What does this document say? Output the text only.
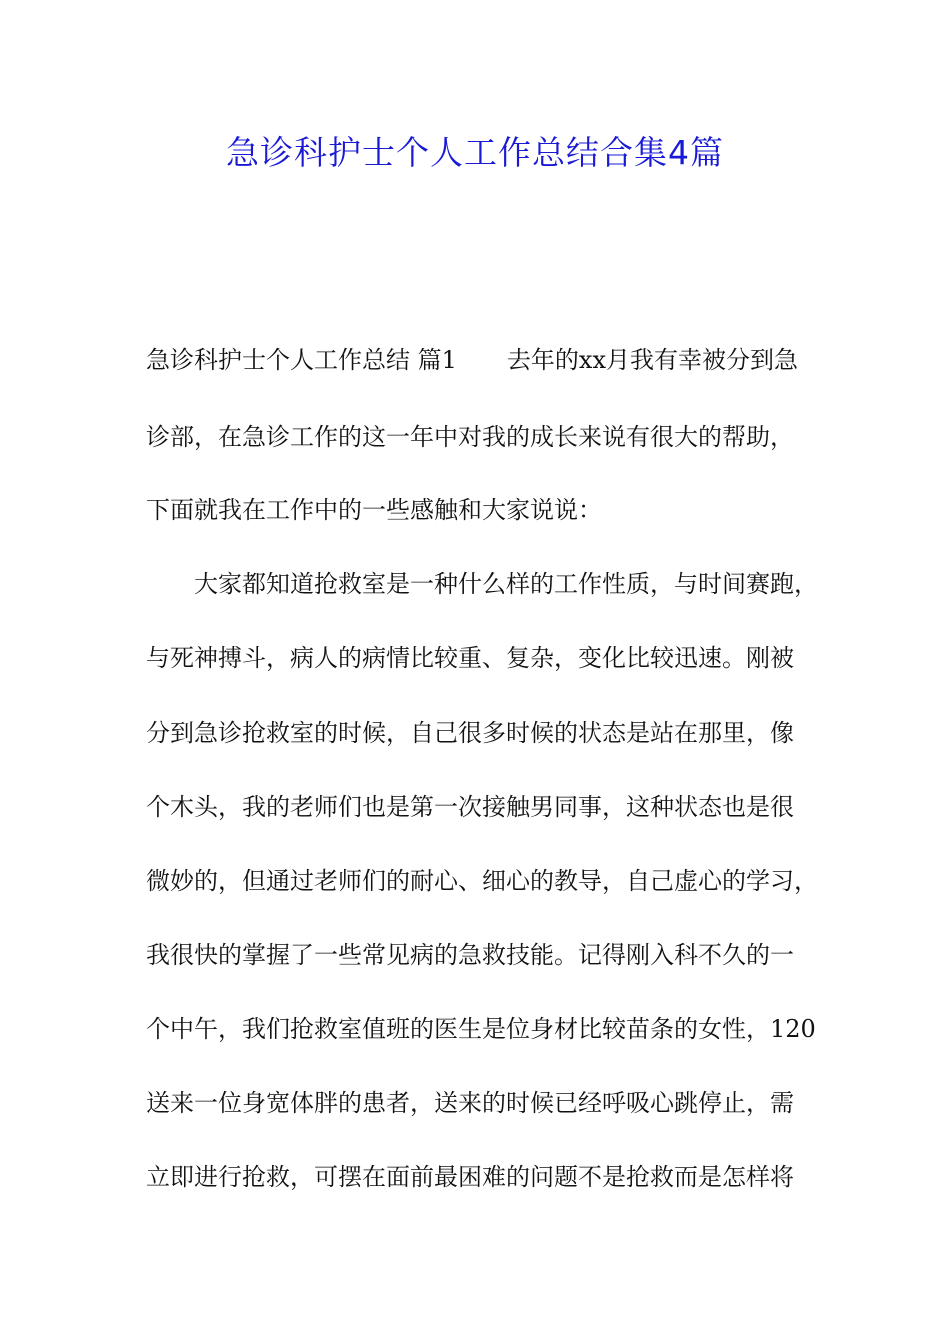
急诊科护士个人工作总结合集4篇
急诊科护士个人工作总结 篇1 去年的xx月我有幸被分到急
诊部，在急诊工作的这一年中对我的成长来说有很大的帮助，
下面就我在工作中的一些感触和大家说说：
大家都知道抢救室是一种什么样的工作性质，与时间赛跑，
与死神搏斗，病人的病情比较重、复杂，变化比较迅速。刚被
分到急诊抢救室的时候，自己很多时候的状态是站在那里，像
个木头，我的老师们也是第一次接触男同事，这种状态也是很
微妙的，但通过老师们的耐心、细心的教导，自己虚心的学习，
我很快的掌握了一些常见病的急救技能。记得刚入科不久的一
个中午，我们抢救室值班的医生是位身材比较苗条的女性，120
送来一位身宽体胖的患者，送来的时候已经呼吸心跳停止，需
立即进行抢救，可摆在面前最困难的问题不是抢救而是怎样将
